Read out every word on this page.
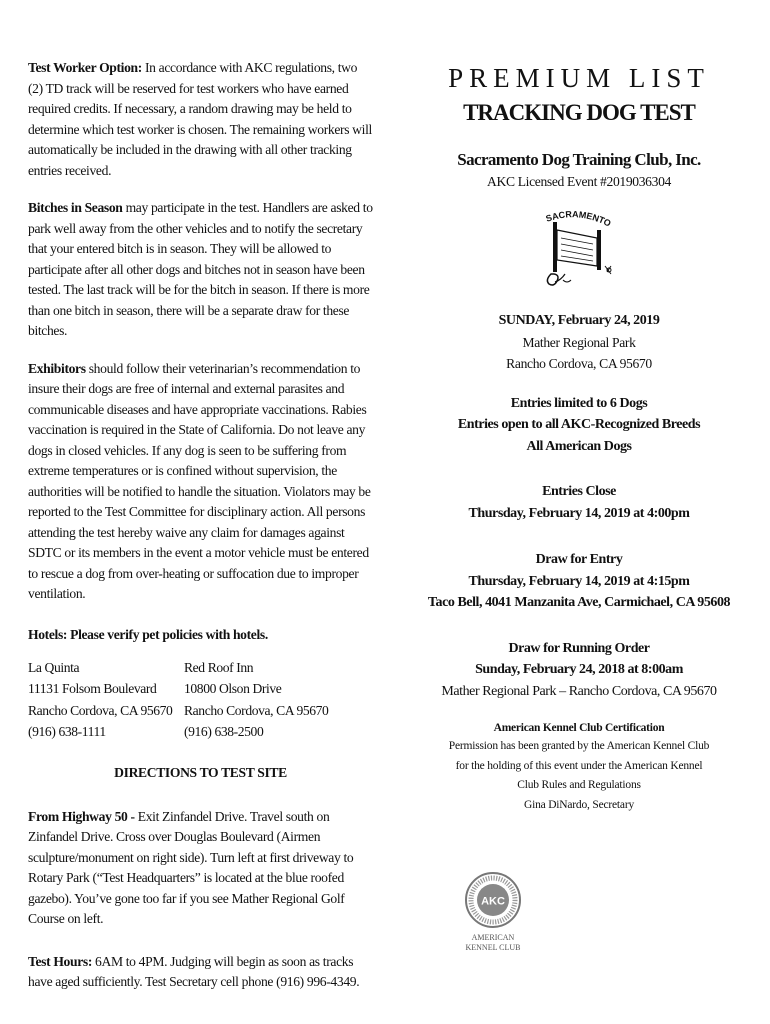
Test Worker Option: In accordance with AKC regulations, two (2) TD track will be reserved for test workers who have earned required credits. If necessary, a random drawing may be held to determine which test worker is chosen. The remaining workers will automatically be included in the drawing with all other tracking entries received.

Bitches in Season may participate in the test. Handlers are asked to park well away from the other vehicles and to notify the secretary that your entered bitch is in season. They will be allowed to participate after all other dogs and bitches not in season have been tested. The last track will be for the bitch in season. If there is more than one bitch in season, there will be a separate draw for these bitches.

Exhibitors should follow their veterinarian’s recommendation to insure their dogs are free of internal and external parasites and communicable diseases and have appropriate vaccinations. Rabies vaccination is required in the State of California. Do not leave any dogs in closed vehicles. If any dog is seen to be suffering from extreme temperatures or is confined without supervision, the authorities will be notified to handle the situation. Violators may be reported to the Test Committee for disciplinary action. All persons attending the test hereby waive any claim for damages against SDTC or its members in the event a motor vehicle must be entered to rescue a dog from over-heating or suffocation due to improper ventilation.

Hotels: Please verify pet policies with hotels.

La Quinta
11131 Folsom Boulevard
Rancho Cordova, CA 95670
(916) 638-1111
Red Roof Inn
10800 Olson Drive
Rancho Cordova, CA 95670
(916) 638-2500

DIRECTIONS TO TEST SITE

From Highway 50 - Exit Zinfandel Drive. Travel south on Zinfandel Drive. Cross over Douglas Boulevard (Airmen sculpture/monument on right side). Turn left at first driveway to Rotary Park (“Test Headquarters” is located at the blue roofed gazebo). You’ve gone too far if you see Mather Regional Golf Course on left.

Test Hours: 6AM to 4PM. Judging will begin as soon as tracks have aged sufficiently. Test Secretary cell phone (916) 996-4349.

PREMIUM LIST
TRACKING DOG TEST

Sacramento Dog Training Club, Inc.

AKC Licensed Event #2019036304

SACRAMENTO

SUNDAY, February 24, 2019

Mather Regional Park

Rancho Cordova, CA 95670

Entries limited to 6 Dogs

Entries open to all AKC-Recognized Breeds

All American Dogs

Entries Close

Thursday, February 14, 2019 at 4:00pm

Draw for Entry

Thursday, February 14, 2019 at 4:15pm

Taco Bell, 4041 Manzanita Ave, Carmichael, CA 95608

Draw for Running Order

Sunday, February 24, 2018 at 8:00am

Mather Regional Park – Rancho Cordova, CA 95670

American Kennel Club Certification

Permission has been granted by the American Kennel Club

for the holding of this event under the American Kennel

Club Rules and Regulations

Gina DiNardo, Secretary

AKC
AMERICAN
KENNEL CLUB
